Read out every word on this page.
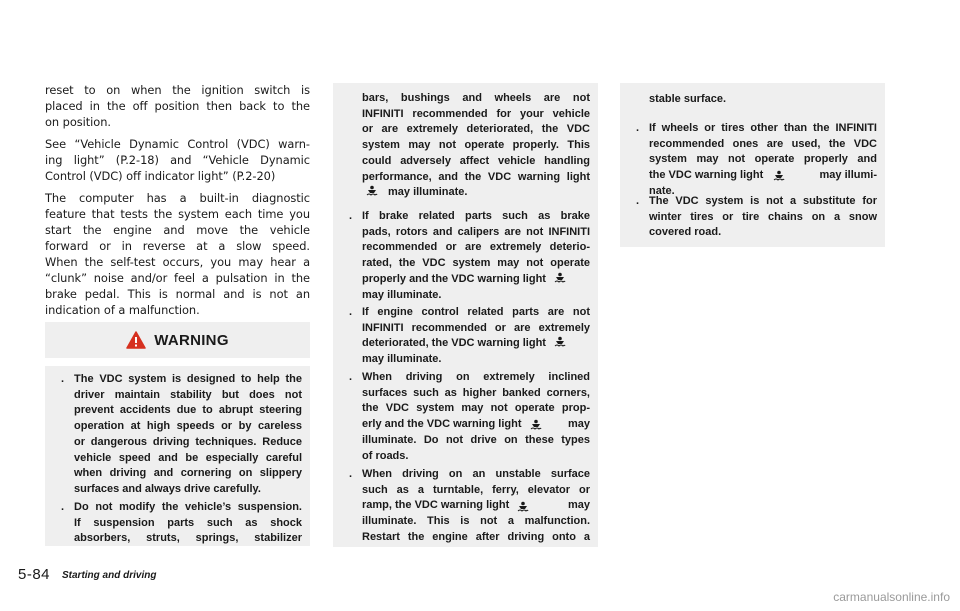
reset to on when the ignition switch is
placed in the off position then back to the
on position.

See “Vehicle Dynamic Control (VDC) warn-
ing light” (P.2-18) and “Vehicle Dynamic
Control (VDC) off indicator light” (P.2-20)

The computer has a built-in diagnostic
feature that tests the system each time you
start the engine and move the vehicle
forward or in reverse at a slow speed.
When the self-test occurs, you may hear a
“clunk” noise and/or feel a pulsation in the
brake pedal. This is normal and is not an
indication of a malfunction.

WARNING
. The VDC system is designed to help the
driver maintain stability but does not
prevent accidents due to abrupt steering
operation at high speeds or by careless
or dangerous driving techniques. Reduce
vehicle speed and be especially careful
when driving and cornering on slippery
surfaces and always drive carefully.
. Do not modify the vehicle’s suspension.
If suspension parts such as shock
absorbers, struts, springs, stabilizer
bars, bushings and wheels are not
INFINITI recommended for your vehicle
or are extremely deteriorated, the VDC
system may not operate properly. This
could adversely affect vehicle handling
performance, and the VDC warning light
may illuminate.
. If brake related parts such as brake
pads, rotors and calipers are not INFINITI
recommended or are extremely deterio-
rated, the VDC system may not operate
properly and the VDC warning light
may illuminate.
. If engine control related parts are not
INFINITI recommended or are extremely
deteriorated, the VDC warning light
may illuminate.
. When driving on extremely inclined
surfaces such as higher banked corners,
the VDC system may not operate prop-
erly and the VDC warning light	may
illuminate. Do not drive on these types
of roads.
. When driving on an unstable surface
such as a turntable, ferry, elevator or
ramp, the VDC warning light	may
illuminate. This is not a malfunction.
Restart the engine after driving onto a
stable surface.
. If wheels or tires other than the INFINITI
recommended ones are used, the VDC
system may not operate properly and
the VDC warning light	may illumi-
nate.
. The VDC system is not a substitute for
winter tires or tire chains on a snow
covered road.
5-84 Starting and driving
carmanualsonline.info
